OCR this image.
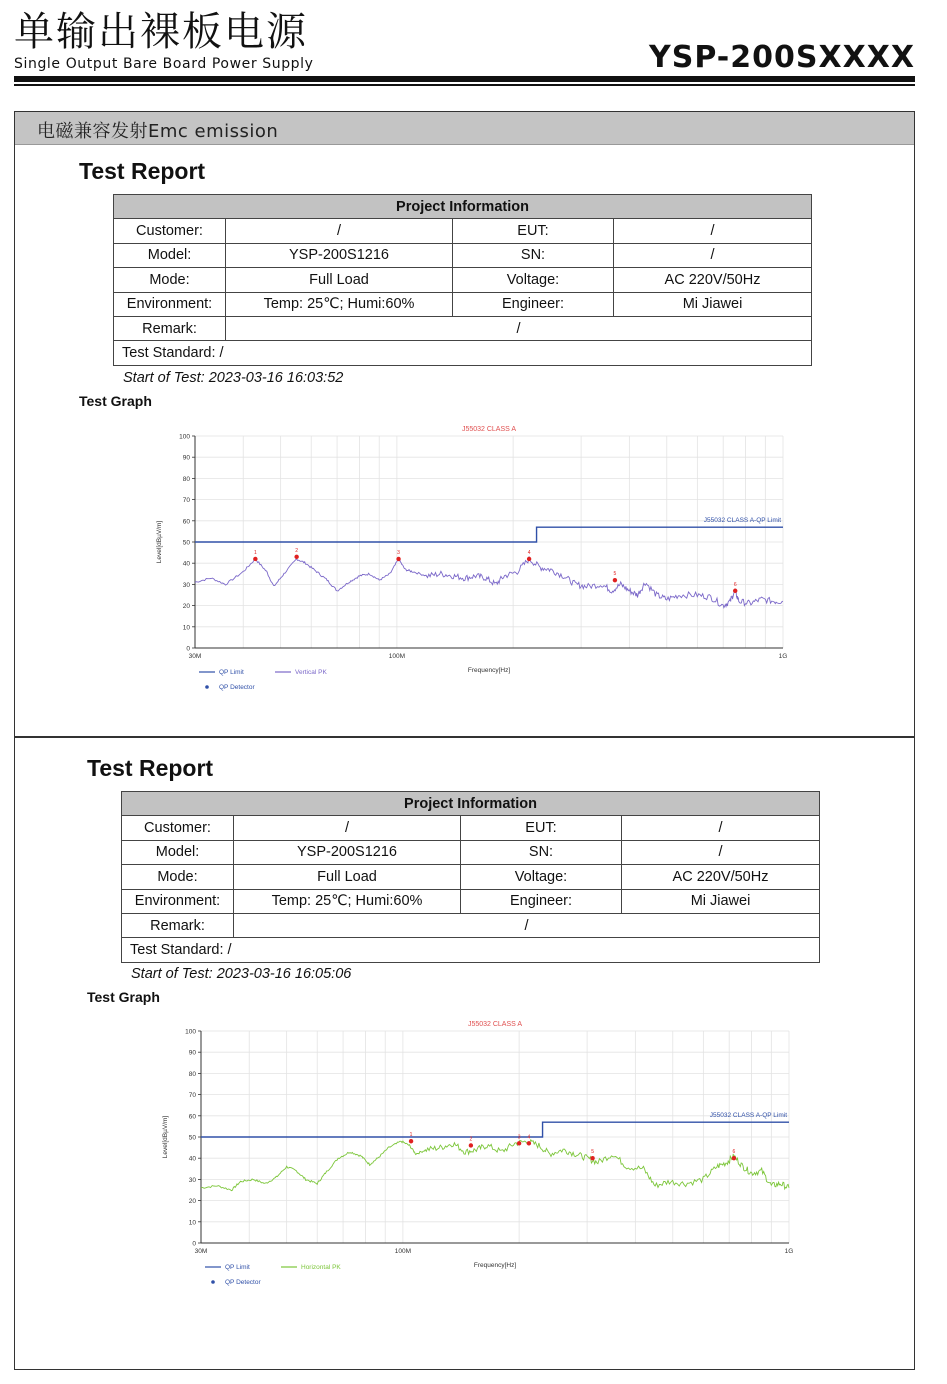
单输出裸板电源
Single Output Bare Board Power Supply	YSP-200SXXXX
电磁兼容发射Emc emission
Test Report
Project Information			
Customer:	/	EUT:	/
Model:	YSP-200S1216	SN:	/
Mode:	Full Load	Voltage:	AC 220V/50Hz
Environment:	Temp: 25℃; Humi:60%	Engineer:	Mi Jiawei
Remark:	/		
Test Standard: /			
Start of Test: 2023-03-16 16:03:52
Test Graph
0
10
20
30
40
50
60
70
80
90
100
30M	100M	1G
Frequency[Hz]
Level[dBµV/m]
J55032 CLASS A
J55032 CLASS A-QP Limit
1	2	3	4
5
6
QP Limit	Vertical PK
QP Detector
Test Report
Project Information			
Customer:	/	EUT:	/
Model:	YSP-200S1216	SN:	/
Mode:	Full Load	Voltage:	AC 220V/50Hz
Environment:	Temp: 25℃; Humi:60%	Engineer:	Mi Jiawei
Remark:	/		
Test Standard: /			
Start of Test: 2023-03-16 16:05:06
Test Graph
0
10
20
30
40
50
60
70
80
90
100
30M	100M	1G
Frequency[Hz]
Level[dBµV/m]
J55032 CLASS A
J55032 CLASS A-QP Limit
1
2	3 4
5	6
QP Limit	Horizontal PK
QP Detector
